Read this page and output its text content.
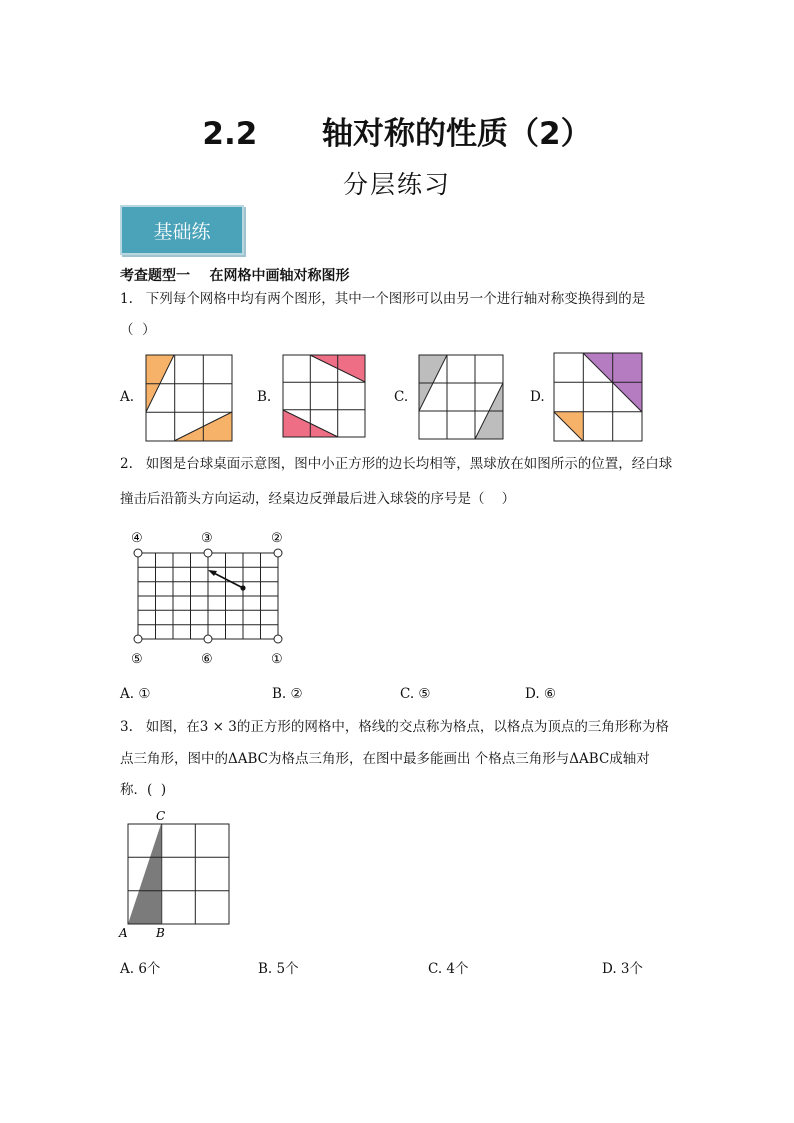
2.2      轴对称的性质（2）
分层练习
基础练
考查题型一    在网格中画轴对称图形
1.   下列每个网格中均有两个图形，其中一个图形可以由另一个进行轴对称变换得到的是
（  ）
A.	B.	C.	D.
2.   如图是台球桌面示意图，图中小正方形的边长均相等，黑球放在如图所示的位置，经白球
撞击后沿箭头方向运动，经桌边反弹最后进入球袋的序号是（    ）
④	③	②
⑤	⑥	①
A. ①	B. ②	C. ⑤	D. ⑥
3.   如图，在3 × 3的正方形的网格中，格线的交点称为格点，以格点为顶点的三角形称为格
点三角形，图中的ΔABC为格点三角形，在图中最多能画出 个格点三角形与ΔABC成轴对
称．(  )
C
A B
A. 6个	B. 5个	C. 4个	D. 3个
